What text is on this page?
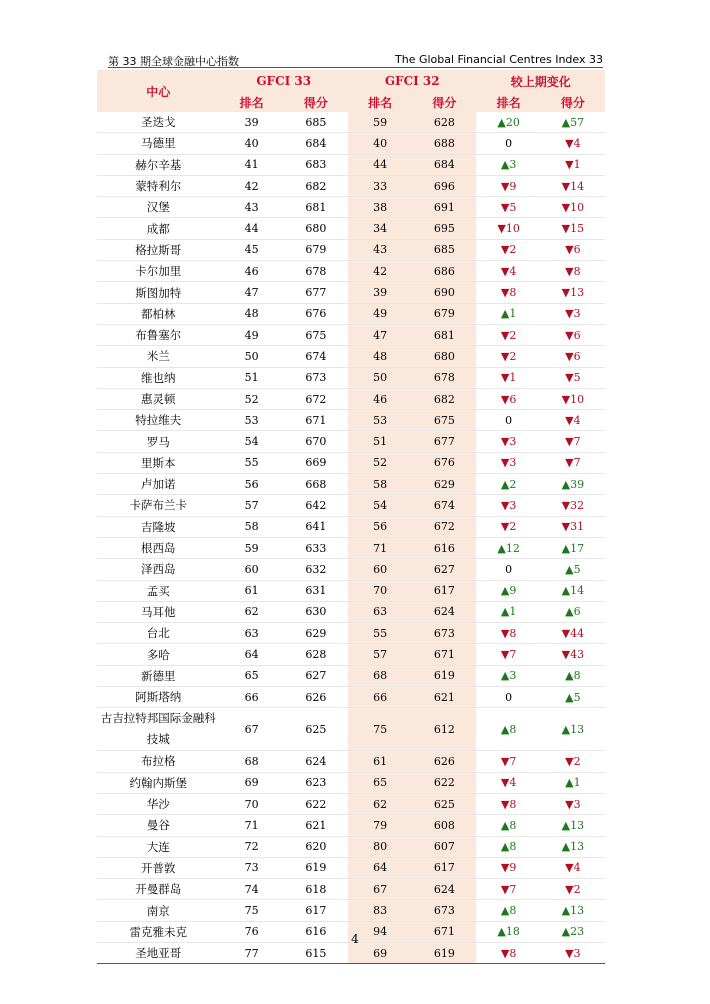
第 33 期全球金融中心指数	The Global Financial Centres Index 33
中心	GFCI 33		GFCI 32		较上期变化	
	排名	得分	排名	得分	排名	得分
圣迭戈	39	685	59	628	▲20	▲57
马德里	40	684	40	688	0	▼4
赫尔辛基	41	683	44	684	▲3	▼1
蒙特利尔	42	682	33	696	▼9	▼14
汉堡	43	681	38	691	▼5	▼10
成都	44	680	34	695	▼10	▼15
格拉斯哥	45	679	43	685	▼2	▼6
卡尔加里	46	678	42	686	▼4	▼8
斯图加特	47	677	39	690	▼8	▼13
都柏林	48	676	49	679	▲1	▼3
布鲁塞尔	49	675	47	681	▼2	▼6
米兰	50	674	48	680	▼2	▼6
维也纳	51	673	50	678	▼1	▼5
惠灵顿	52	672	46	682	▼6	▼10
特拉维夫	53	671	53	675	0	▼4
罗马	54	670	51	677	▼3	▼7
里斯本	55	669	52	676	▼3	▼7
卢加诺	56	668	58	629	▲2	▲39
卡萨布兰卡	57	642	54	674	▼3	▼32
吉隆坡	58	641	56	672	▼2	▼31
根西岛	59	633	71	616	▲12	▲17
泽西岛	60	632	60	627	0	▲5
孟买	61	631	70	617	▲9	▲14
马耳他	62	630	63	624	▲1	▲6
台北	63	629	55	673	▼8	▼44
多哈	64	628	57	671	▼7	▼43
新德里	65	627	68	619	▲3	▲8
阿斯塔纳	66	626	66	621	0	▲5
古吉拉特邦国际金融科技城	67	625	75	612	▲8	▲13
布拉格	68	624	61	626	▼7	▼2
约翰内斯堡	69	623	65	622	▼4	▲1
华沙	70	622	62	625	▼8	▼3
曼谷	71	621	79	608	▲8	▲13
大连	72	620	80	607	▲8	▲13
开普敦	73	619	64	617	▼9	▼4
开曼群岛	74	618	67	624	▼7	▼2
南京	75	617	83	673	▲8	▲13
雷克雅未克	76	616	94	671	▲18	▲23
圣地亚哥	77	615	69	619	▼8	▼3
4
